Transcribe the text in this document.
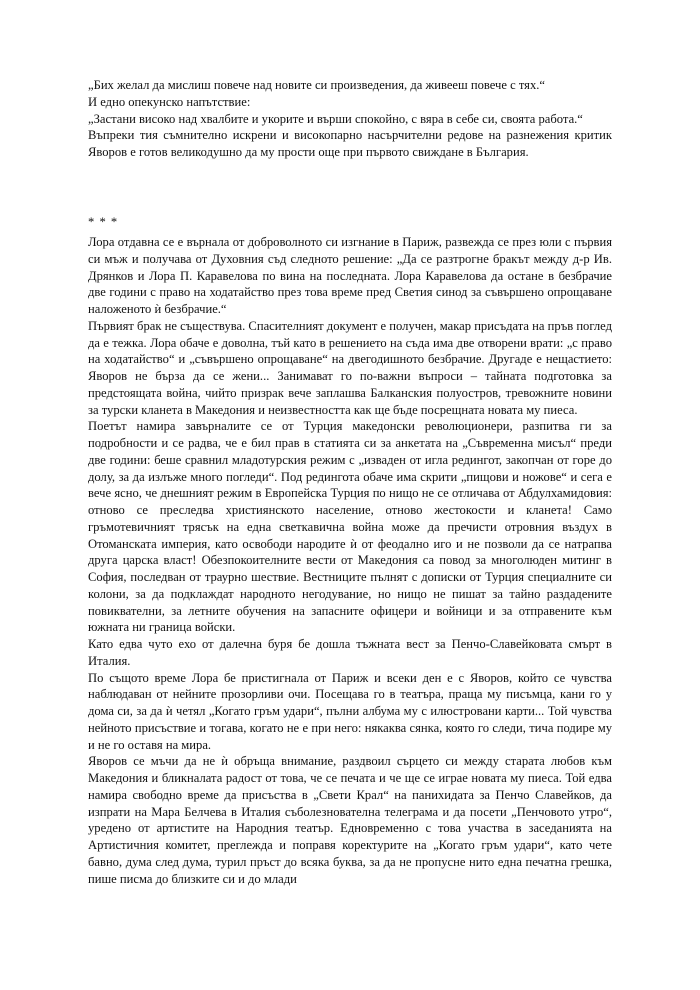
„Бих желал да мислиш повече над новите си произведения, да живееш повече с тях.“

И едно опекунско напътствие:

„Застани високо над хвалбите и укорите и върши спокойно, с вяра в себе си, своята работа.“

Въпреки тия съмнително искрени и високопарно насърчителни редове на разнежения критик Яворов е готов великодушно да му прости още при първото свиждане в България.

* * *

Лора отдавна се е върнала от доброволното си изгнание в Париж, развежда се през юли с първия си мъж и получава от Духовния съд следното решение: „Да се разтрогне бракът между д-р Ив. Дрянков и Лора П. Каравелова по вина на последната. Лора Каравелова да остане в безбрачие две години с право на ходатайство през това време пред Светия синод за съвършено опрощаване наложеното ѝ безбрачие.“

Първият брак не съществува. Спасителният документ е получен, макар присъдата на пръв поглед да е тежка. Лора обаче е доволна, тъй като в решението на съда има две отворени врати: „с право на ходатайство“ и „съвършено опрощаване“ на двегодишното безбрачие. Другаде е нещастието: Яворов не бърза да се жени... Занимават го по-важни въпроси – тайната подготовка за предстоящата война, чийто призрак вече заплашва Балканския полуостров, тревожните новини за турски кланета в Македония и неизвестността как ще бъде посрещната новата му пиеса.

Поетът намира завърналите се от Турция македонски революционери, разпитва ги за подробности и се радва, че е бил прав в статията си за анкетата на „Съвременна мисъл“ преди две години: беше сравнил младотурския режим с „изваден от игла редингот, закопчан от горе до долу, за да излъже много погледи“. Под редингота обаче има скрити „пищови и ножове“ и сега е вече ясно, че днешният режим в Европейска Турция по нищо не се отличава от Абдулхамидовия: отново се преследва християнското население, отново жестокости и кланета! Само гръмотевичният трясък на една светкавична война може да пречисти отровния въздух в Отоманската империя, като освободи народите ѝ от феодално иго и не позволи да се натрапва друга царска власт! Обезпокоителните вести от Македония са повод за многолюден митинг в София, последван от траурно шествие. Вестниците пълнят с дописки от Турция специалните си колони, за да подклаждат народното негодувание, но нищо не пишат за тайно раздадените повиквателни, за летните обучения на запасните офицери и войници и за отправените към южната ни граница войски.

Като едва чуто ехо от далечна буря бе дошла тъжната вест за Пенчо-Славейковата смърт в Италия.

По същото време Лора бе пристигнала от Париж и всеки ден е с Яворов, който се чувства наблюдаван от нейните прозорливи очи. Посещава го в театъра, праща му писъмца, кани го у дома си, за да ѝ четял „Когато гръм удари“, пълни албума му с илюстровани карти... Той чувства нейното присъствие и тогава, когато не е при него: някаква сянка, която го следи, тича подире му и не го оставя на мира.

Яворов се мъчи да не ѝ обръща внимание, раздвоил сърцето си между старата любов към Македония и бликналата радост от това, че се печата и че ще се играе новата му пиеса. Той едва намира свободно време да присъства в „Свети Крал“ на панихидата за Пенчо Славейков, да изпрати на Мара Белчева в Италия съболезнователна телеграма и да посети „Пенчовото утро“, уредено от артистите на Народния театър. Едновременно с това участва в заседанията на Артистичния комитет, преглежда и поправя коректурите на „Когато гръм удари“, като чете бавно, дума след дума, турил пръст до всяка буква, за да не пропусне нито една печатна грешка, пише писма до близките си и до млади
